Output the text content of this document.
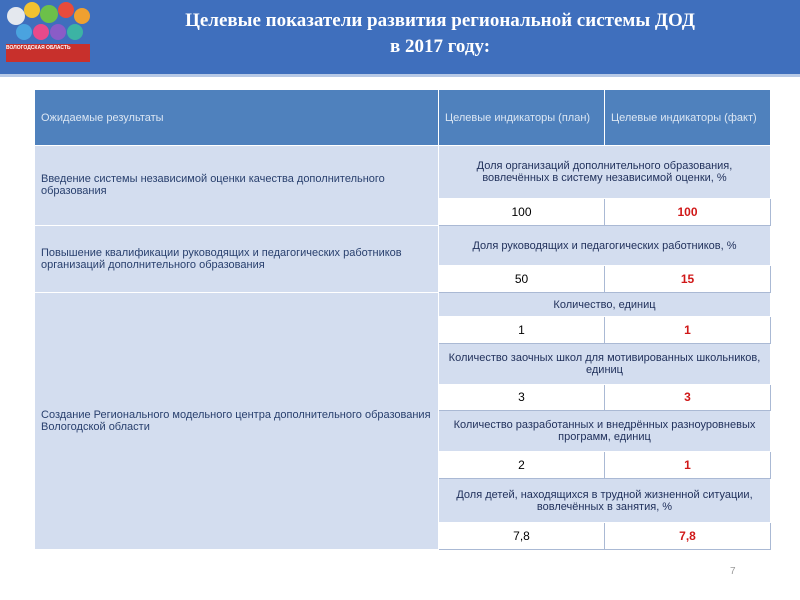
ВОЛОГОДСКАЯ ОБЛАСТЬ
Целевые показатели развития региональной системы ДОД
в 2017 году:
Ожидаемые результаты	Целевые индикаторы (план)	Целевые индикаторы (факт)
Введение системы независимой оценки качества дополнительного образования	Доля организаций дополнительного образования, вовлечённых в систему независимой оценки, %	
	100	100
Повышение квалификации руководящих и педагогических работников организаций дополнительного образования	Доля руководящих и педагогических работников, %	
	50	15
Создание Регионального модельного центра дополнительного образования Вологодской области	Количество, единиц	
	1	1
	Количество заочных школ для мотивированных школьников, единиц	
	3	3
	Количество разработанных и внедрённых разноуровневых программ, единиц	
	2	1
	Доля детей, находящихся в трудной жизненной ситуации, вовлечённых в занятия, %	
	7,8	7,8
7
